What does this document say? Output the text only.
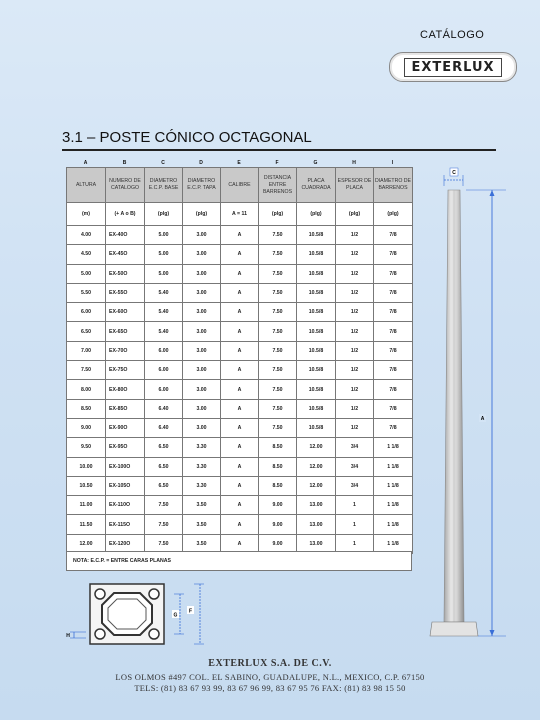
CATÁLOGO
EXTERLUX
3.1 – POSTE CÓNICO OCTAGONAL
A	B	C	D	E	F	G	H	I
ALTURA	NUMERO DE CATALOGO	DIAMETRO E.C.P. BASE	DIAMETRO E.C.P. TAPA	CALIBRE	DISTANCIA ENTRE BARRENOS	PLACA CUADRADA	ESPESOR DE PLACA	DIAMETRO DE BARRENOS
(m)	(+ A o B)	(plg)	(plg)	A = 11	(plg)	(plg)	(plg)	(plg)
4.00	EX-40O	5.00	3.00	A	7.50	10.5/8	1/2	7/8
4.50	EX-45O	5.00	3.00	A	7.50	10.5/8	1/2	7/8
5.00	EX-50O	5.00	3.00	A	7.50	10.5/8	1/2	7/8
5.50	EX-55O	5.40	3.00	A	7.50	10.5/8	1/2	7/8
6.00	EX-60O	5.40	3.00	A	7.50	10.5/8	1/2	7/8
6.50	EX-65O	5.40	3.00	A	7.50	10.5/8	1/2	7/8
7.00	EX-70O	6.00	3.00	A	7.50	10.5/8	1/2	7/8
7.50	EX-75O	6.00	3.00	A	7.50	10.5/8	1/2	7/8
8.00	EX-80O	6.00	3.00	A	7.50	10.5/8	1/2	7/8
8.50	EX-85O	6.40	3.00	A	7.50	10.5/8	1/2	7/8
9.00	EX-90O	6.40	3.00	A	7.50	10.5/8	1/2	7/8
9.50	EX-95O	6.50	3.30	A	8.50	12.00	3/4	1 1/8
10.00	EX-100O	6.50	3.30	A	8.50	12.00	3/4	1 1/8
10.50	EX-105O	6.50	3.30	A	8.50	12.00	3/4	1 1/8
11.00	EX-110O	7.50	3.50	A	9.00	13.00	1	1 1/8
11.50	EX-115O	7.50	3.50	A	9.00	13.00	1	1 1/8
12.00	EX-120O	7.50	3.50	A	9.00	13.00	1	1 1/8
NOTA: E.C.P. = ENTRE CARAS PLANAS
G
F
H
C
A
EXTERLUX S.A. DE C.V.
LOS OLMOS #497 COL. EL SABINO, GUADALUPE, N.L., MEXICO, C.P. 67150
TELS: (81) 83 67 93 99, 83 67 96 99, 83 67 95 76 FAX: (81) 83 98 15 50
